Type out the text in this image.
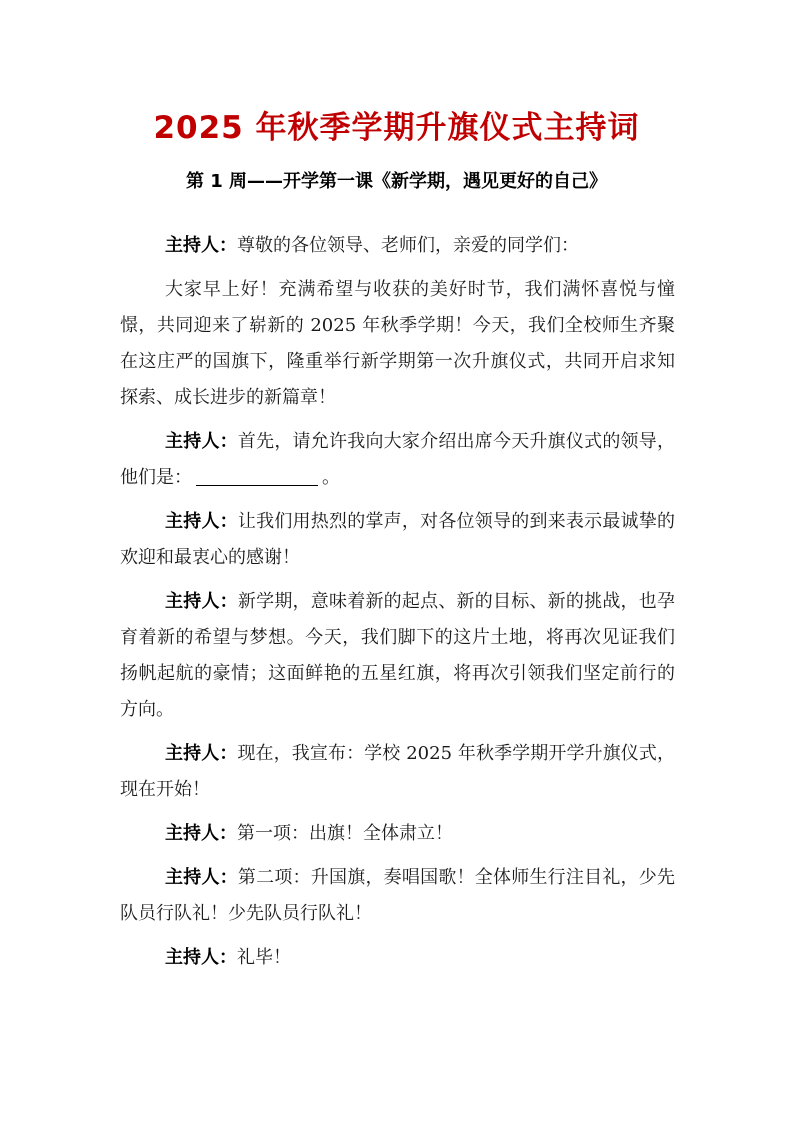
2025 年秋季学期升旗仪式主持词
第 1 周——开学第一课《新学期，遇见更好的自己》

主持人：尊敬的各位领导、老师们，亲爱的同学们：

大家早上好！充满希望与收获的美好时节，我们满怀喜悦与憧憬，共同迎来了崭新的 2025 年秋季学期！今天，我们全校师生齐聚在这庄严的国旗下，隆重举行新学期第一次升旗仪式，共同开启求知探索、成长进步的新篇章！

主持人：首先，请允许我向大家介绍出席今天升旗仪式的领导，他们是：	。

主持人：让我们用热烈的掌声，对各位领导的到来表示最诚挚的欢迎和最衷心的感谢！

主持人：新学期，意味着新的起点、新的目标、新的挑战，也孕育着新的希望与梦想。今天，我们脚下的这片土地，将再次见证我们扬帆起航的豪情；这面鲜艳的五星红旗，将再次引领我们坚定前行的方向。

主持人：现在，我宣布：学校 2025 年秋季学期开学升旗仪式，现在开始！

主持人：第一项：出旗！全体肃立！

主持人：第二项：升国旗，奏唱国歌！全体师生行注目礼，少先队员行队礼！少先队员行队礼！

主持人：礼毕！
